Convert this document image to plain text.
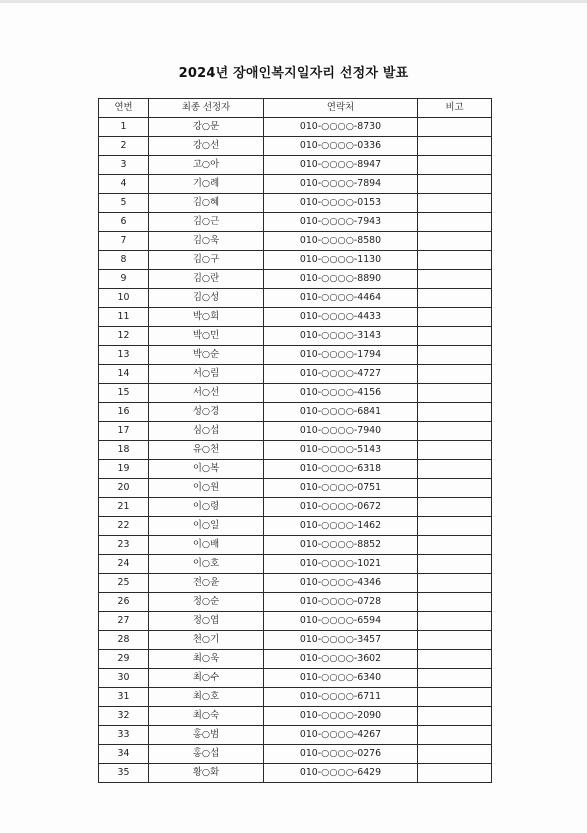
2024년 장애인복지일자리 선정자 발표
연번	최종 선정자	연락처	비고
1	강○문	010-○○○○-8730	
2	강○선	010-○○○○-0336	
3	고○아	010-○○○○-8947	
4	기○례	010-○○○○-7894	
5	김○혜	010-○○○○-0153	
6	김○근	010-○○○○-7943	
7	김○욱	010-○○○○-8580	
8	김○구	010-○○○○-1130	
9	김○란	010-○○○○-8890	
10	김○성	010-○○○○-4464	
11	박○희	010-○○○○-4433	
12	박○민	010-○○○○-3143	
13	박○순	010-○○○○-1794	
14	서○림	010-○○○○-4727	
15	서○선	010-○○○○-4156	
16	성○경	010-○○○○-6841	
17	심○섭	010-○○○○-7940	
18	유○천	010-○○○○-5143	
19	이○복	010-○○○○-6318	
20	이○원	010-○○○○-0751	
21	이○령	010-○○○○-0672	
22	이○일	010-○○○○-1462	
23	이○배	010-○○○○-8852	
24	이○호	010-○○○○-1021	
25	전○윤	010-○○○○-4346	
26	정○순	010-○○○○-0728	
27	정○엽	010-○○○○-6594	
28	천○기	010-○○○○-3457	
29	최○욱	010-○○○○-3602	
30	최○수	010-○○○○-6340	
31	최○호	010-○○○○-6711	
32	최○숙	010-○○○○-2090	
33	홍○범	010-○○○○-4267	
34	홍○섭	010-○○○○-0276	
35	황○화	010-○○○○-6429	
